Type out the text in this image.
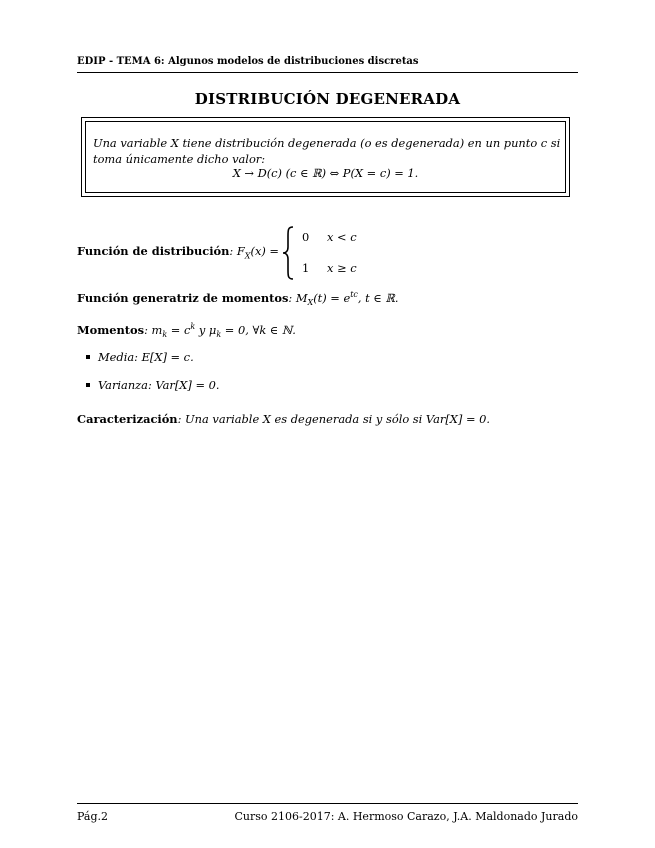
EDIP - TEMA 6: Algunos modelos de distribuciones discretas
DISTRIBUCIÓN DEGENERADA
Una variable X tiene distribución degenerada (o es degenerada) en un punto c si toma únicamente dicho valor:
X → D(c) (c ∈ ℝ) ⇔ P(X = c) = 1.
Función de distribución: $F_X(x)$ =
0 x < c
1 x ≥ c
Función generatriz de momentos: $M_X(t) = e^{tc}$, t ∈ ℝ.
Momentos: $m_k = c^k$ y $\mu_k = 0$, ∀k ∈ ℕ.
Media: E[X] = c.
Varianza: Var[X] = 0.
Caracterización: Una variable X es degenerada si y sólo si Var[X] = 0.
Pág.2	Curso 2106-2017: A. Hermoso Carazo, J.A. Maldonado Jurado
